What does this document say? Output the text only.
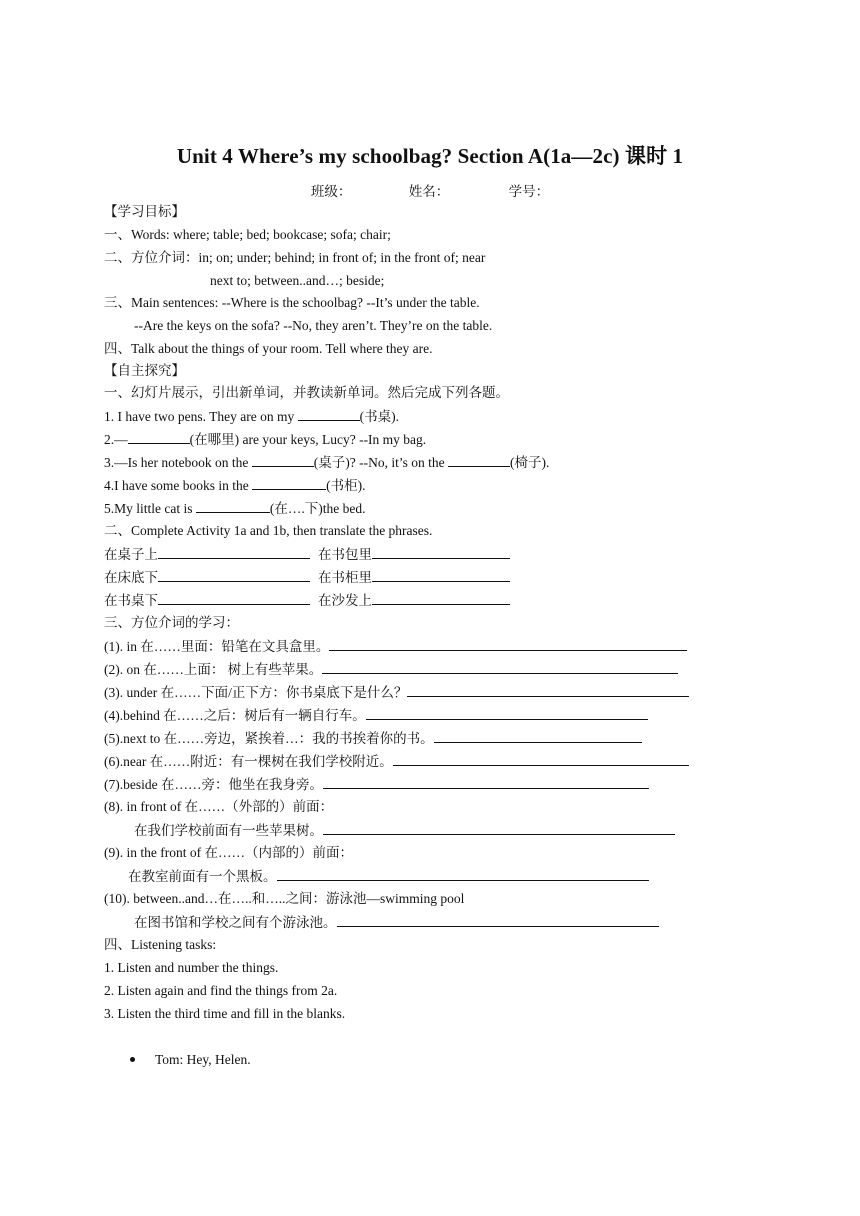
Unit 4 Where’s my schoolbag? Section A(1a—2c) 课时 1
班级：	姓名：	学号：
【学习目标】
一、Words: where; table; bed; bookcase; sofa; chair;
二、方位介词：in; on; under; behind; in front of; in the front of; near
next to; between..and…; beside;
三、Main sentences: --Where is the schoolbag? --It’s under the table.
--Are the keys on the sofa? --No, they aren’t. They’re on the table.
四、Talk about the things of your room. Tell where they are.
【自主探究】
一、幻灯片展示，引出新单词，并教读新单词。然后完成下列各题。
1. I have two pens. They are on my	(书桌).
2.—	(在哪里) are your keys, Lucy? --In my bag.
3.—Is her notebook on the	(桌子)? --No, it’s on the	(椅子).
4.I have some books in the	(书柜).
5.My little cat is	(在….下)the bed.
二、Complete Activity 1a and 1b, then translate the phrases.
在桌子上	在书包里
在床底下	在书柜里
在书桌下	在沙发上
三、方位介词的学习：
(1). in 在……里面：铅笔在文具盒里。
(2). on 在……上面： 树上有些苹果。
(3). under 在……下面/正下方：你书桌底下是什么？
(4).behind 在……之后：树后有一辆自行车。
(5).next to 在……旁边，紧挨着…：我的书挨着你的书。
(6).near 在……附近：有一棵树在我们学校附近。
(7).beside 在……旁：他坐在我身旁。
(8). in front of 在……（外部的）前面：
在我们学校前面有一些苹果树。
(9). in the front of 在……（内部的）前面：
在教室前面有一个黑板。
(10). between..and…在…..和…..之间：游泳池—swimming pool
在图书馆和学校之间有个游泳池。
四、Listening tasks:
1. Listen and number the things.
2. Listen again and find the things from 2a.
3. Listen the third time and fill in the blanks.
Tom: Hey, Helen.
